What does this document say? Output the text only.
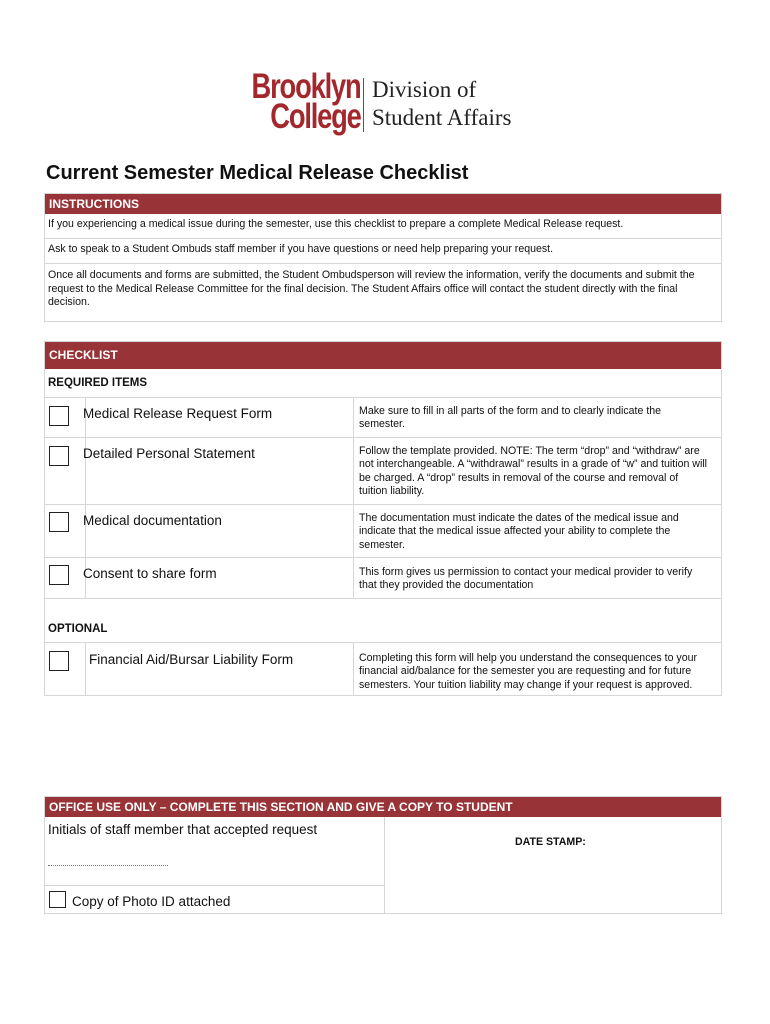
Brooklyn
College
Division of
Student Affairs
Current Semester Medical Release Checklist
INSTRUCTIONS
If you experiencing a medical issue during the semester, use this checklist to prepare a complete Medical Release request.
Ask to speak to a Student Ombuds staff member if you have questions or need help preparing your request.
Once all documents and forms are submitted, the Student Ombudsperson will review the information, verify the documents and submit the request to the Medical Release Committee for the final decision. The Student Affairs office will contact the student directly with the final decision.
CHECKLIST
REQUIRED ITEMS
Medical Release Request Form	Make sure to fill in all parts of the form and to clearly indicate the semester.
Detailed Personal Statement	Follow the template provided. NOTE: The term “drop” and “withdraw” are not interchangeable. A “withdrawal” results in a grade of “w” and tuition will be charged. A “drop” results in removal of the course and removal of tuition liability.
Medical documentation	The documentation must indicate the dates of the medical issue and indicate that the medical issue affected your ability to complete the semester.
Consent to share form	This form gives us permission to contact your medical provider to verify that they provided the documentation
OPTIONAL
Financial Aid/Bursar Liability Form	Completing this form will help you understand the consequences to your financial aid/balance for the semester you are requesting and for future semesters. Your tuition liability may change if your request is approved.
OFFICE USE ONLY – COMPLETE THIS SECTION AND GIVE A COPY TO STUDENT
Initials of staff member that accepted request
DATE STAMP:
Copy of Photo ID attached
